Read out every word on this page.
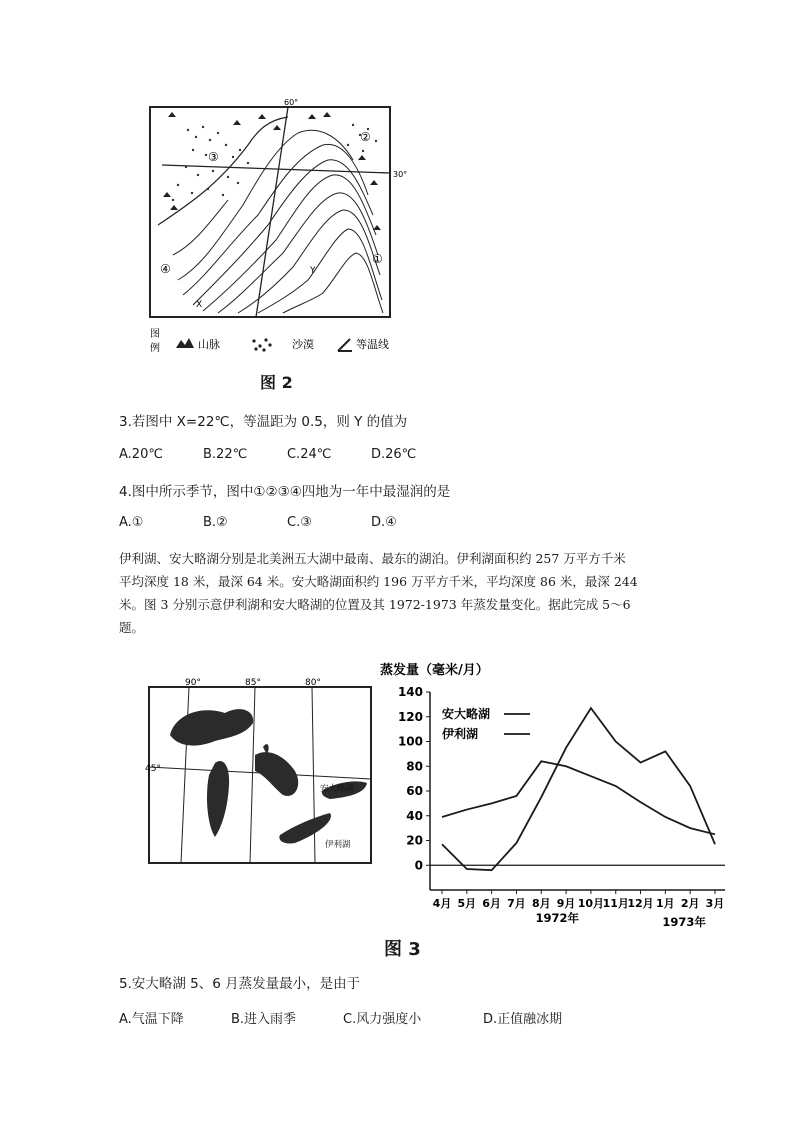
60°
30°
X
Y
③
②
①
④
图
例	山脉	沙漠	等温线
图 2
3.若图中 X=22℃，等温距为 0.5，则 Y 的值为
A.20℃	B.22℃	C.24℃	D.26℃
4.图中所示季节，图中①②③④四地为一年中最湿润的是
A.①	B.②	C.③	D.④
伊利湖、安大略湖分别是北美洲五大湖中最南、最东的湖泊。伊利湖面积约 257 万平方千米
平均深度 18 米，最深 64 米。安大略湖面积约 196 万平方千米，平均深度 86 米，最深 244
米。图 3 分别示意伊利湖和安大略湖的位置及其 1972-1973 年蒸发量变化。据此完成 5～6
题。
90°	85°	80°
45°
安大略湖
伊利湖
蒸发量（毫米/月）
0
20
40
60
80
100
120
140
4月 5月 6月 7月 8月 9月 10月
11月
12月 1月 2月 3月
1972年	1973年
安大略湖
伊利湖
图 3
5.安大略湖 5、6 月蒸发量最小，是由于
A.气温下降	B.进入雨季	C.风力强度小	D.正值融冰期
